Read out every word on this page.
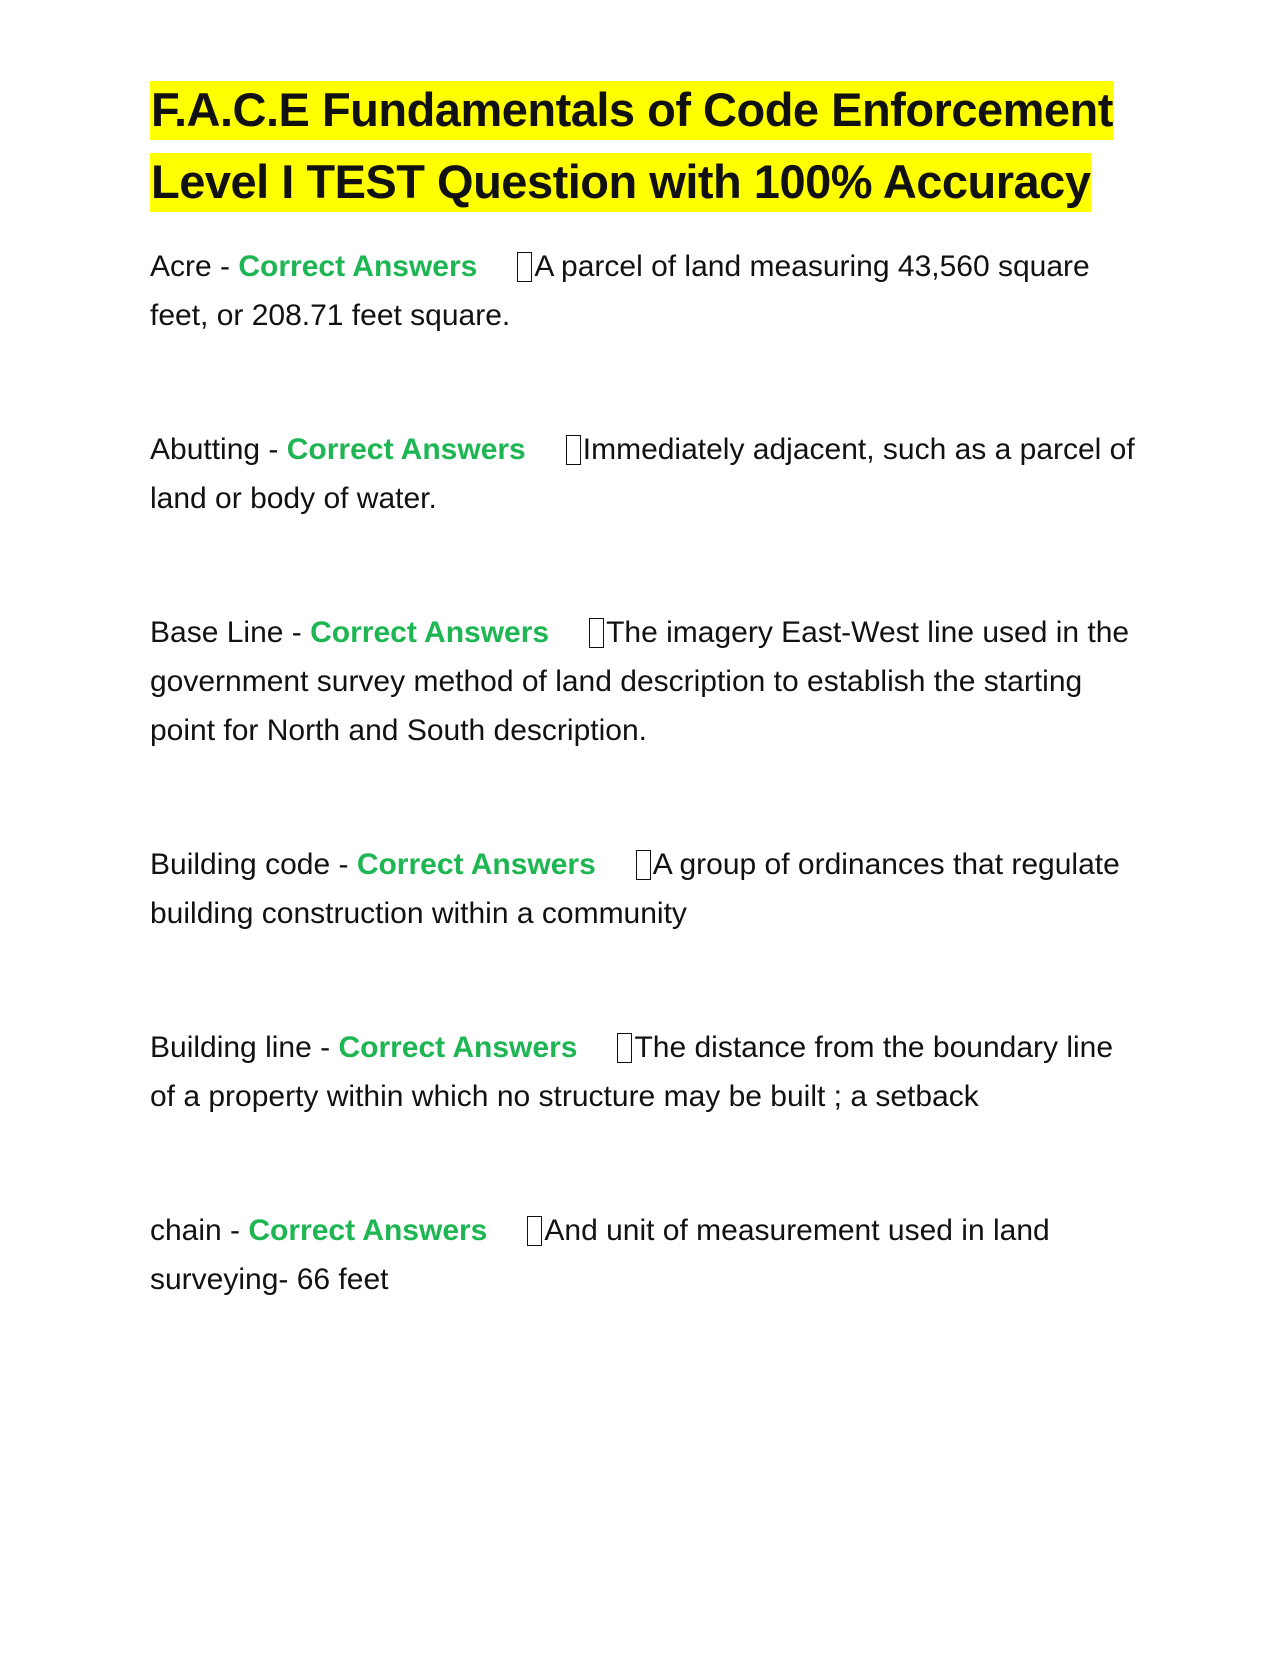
F.A.C.E Fundamentals of Code Enforcement Level I TEST Question with 100% Accuracy

Acre - Correct Answers A parcel of land measuring 43,560 square feet, or 208.71 feet square.

Abutting - Correct Answers Immediately adjacent, such as a parcel of land or body of water.

Base Line - Correct Answers The imagery East-West line used in the government survey method of land description to establish the starting point for North and South description.

Building code - Correct Answers A group of ordinances that regulate building construction within a community

Building line - Correct Answers The distance from the boundary line of a property within which no structure may be built ; a setback

chain - Correct Answers And unit of measurement used in land surveying- 66 feet
